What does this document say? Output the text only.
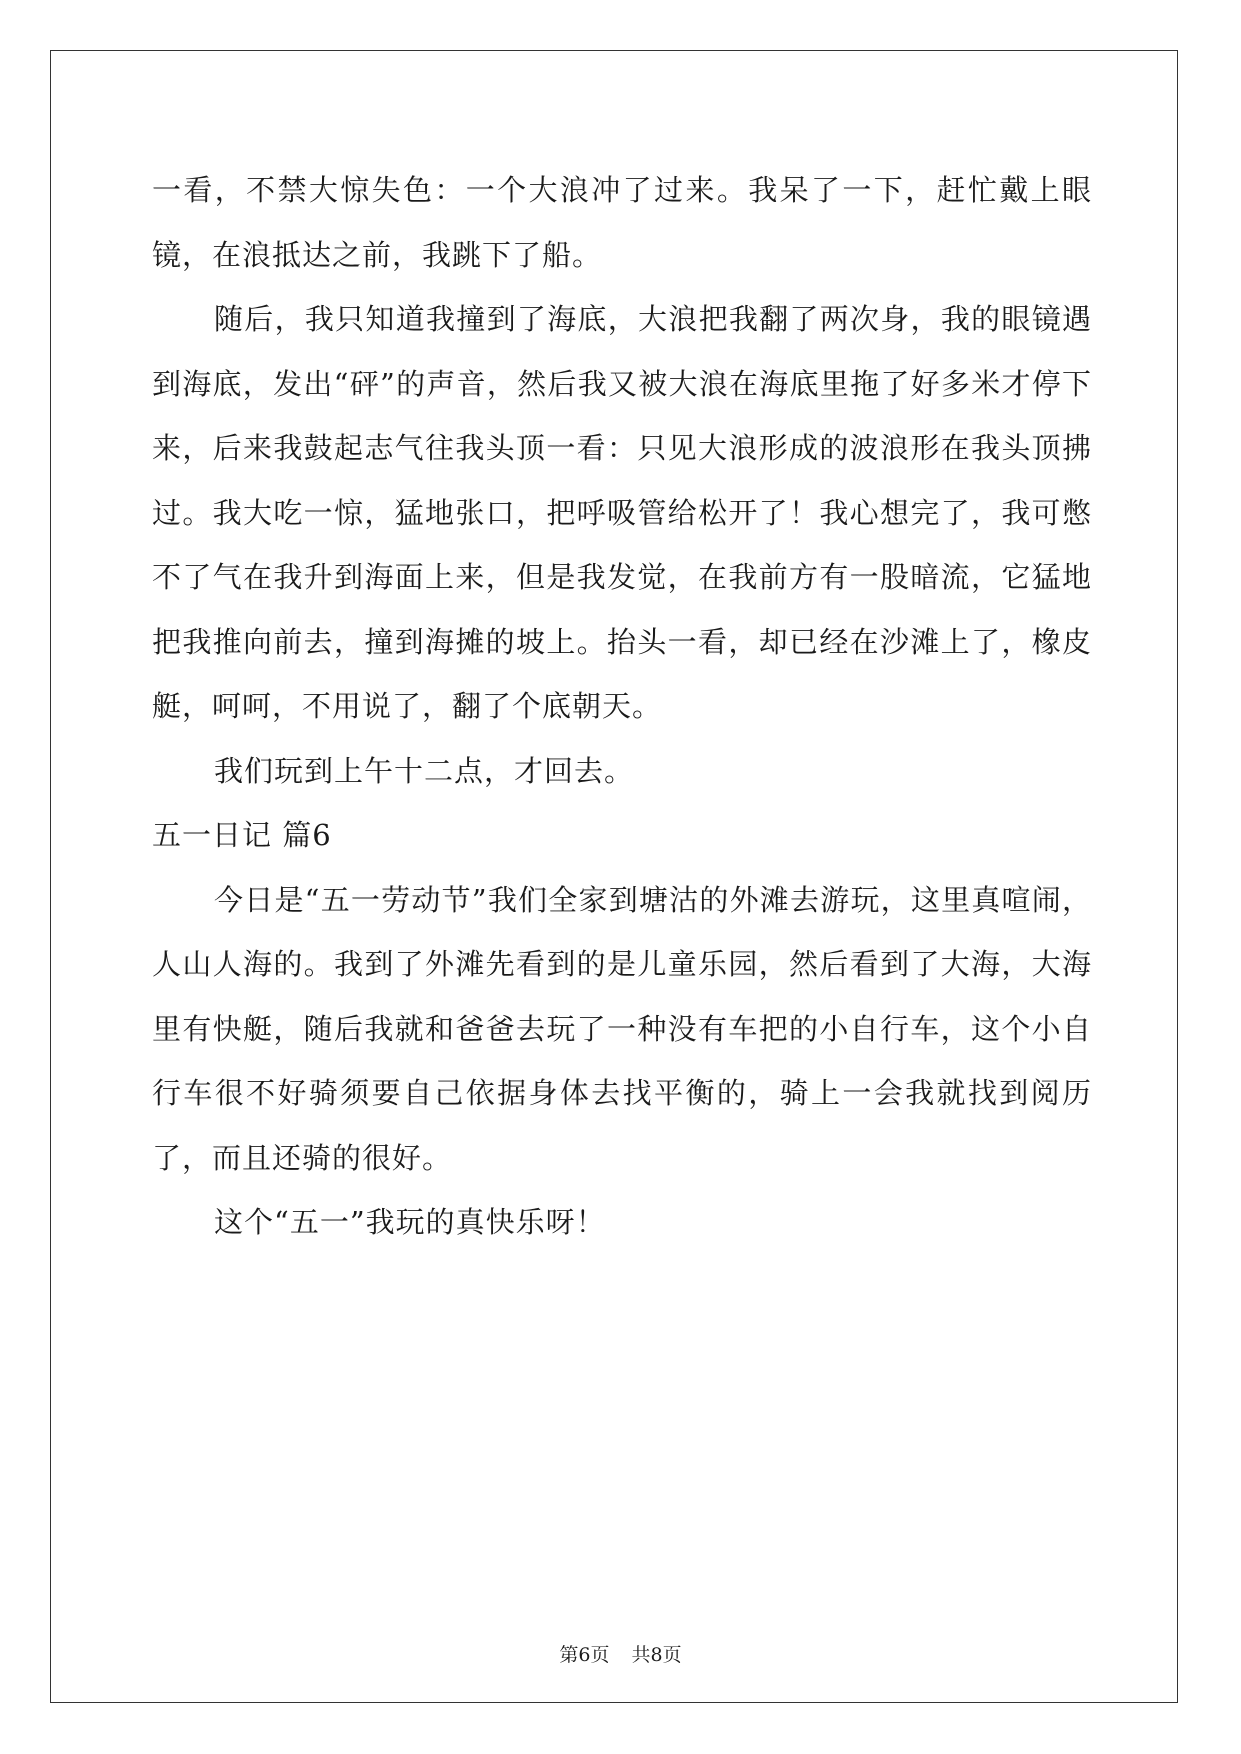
一看，不禁大惊失色：一个大浪冲了过来。我呆了一下，赶忙戴上眼镜，在浪抵达之前，我跳下了船。

随后，我只知道我撞到了海底，大浪把我翻了两次身，我的眼镜遇到海底，发出“砰”的声音，然后我又被大浪在海底里拖了好多米才停下来，后来我鼓起志气往我头顶一看：只见大浪形成的波浪形在我头顶拂过。我大吃一惊，猛地张口，把呼吸管给松开了！我心想完了，我可憋不了气在我升到海面上来，但是我发觉，在我前方有一股暗流，它猛地把我推向前去，撞到海摊的坡上。抬头一看，却已经在沙滩上了，橡皮艇，呵呵，不用说了，翻了个底朝天。

我们玩到上午十二点，才回去。

五一日记 篇6

今日是“五一劳动节”我们全家到塘沽的外滩去游玩，这里真喧闹，人山人海的。我到了外滩先看到的是儿童乐园，然后看到了大海，大海里有快艇，随后我就和爸爸去玩了一种没有车把的小自行车，这个小自行车很不好骑须要自己依据身体去找平衡的，骑上一会我就找到阅历了，而且还骑的很好。

这个“五一”我玩的真快乐呀！

第6页 共8页
